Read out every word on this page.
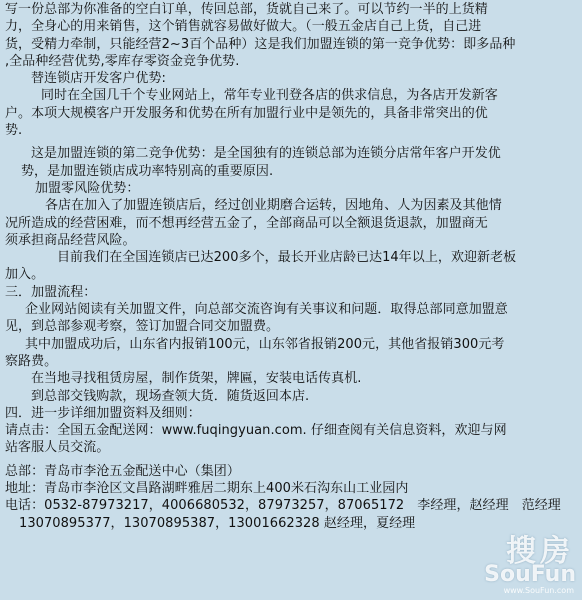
写一份总部为你准备的空白订单，传回总部，货就自己来了。可以节约一半的上货精
力，全身心的用来销售，这个销售就容易做好做大。（一般五金店自己上货，自己进
货，受精力牵制，只能经营2~3百个品种）这是我们加盟连锁的第一竞争优势：即多品种
,全品种经营优势,零库存零资金竞争优势.
替连锁店开发客户优势:
同时在全国几千个专业网站上，常年专业刊登各店的供求信息，为各店开发新客
户。本项大规模客户开发服务和优势在所有加盟行业中是领先的，具备非常突出的优
势.
这是加盟连锁的第二竞争优势：是全国独有的连锁总部为连锁分店常年客户开发优
势，是加盟连锁店成功率特别高的重要原因.
加盟零风险优势：
各店在加入了加盟连锁店后，经过创业期磨合运转，因地角、人为因素及其他情
况所造成的经营困难，而不想再经营五金了，全部商品可以全额退货退款，加盟商无
须承担商品经营风险。
目前我们在全国连锁店已达200多个，最长开业店龄已达14年以上，欢迎新老板
加入。
三．加盟流程：
企业网站阅读有关加盟文件，向总部交流咨询有关事议和问题．取得总部同意加盟意
见，到总部参观考察，签订加盟合同交加盟费。
其中加盟成功后，山东省内报销100元，山东邻省报销200元，其他省报销300元考
察路费。
在当地寻找租赁房屋，制作货架，牌匾，安装电话传真机.
到总部交钱购款，现场查领大货．随货返回本店.
四．进一步详细加盟资料及细则：
请点击：全国五金配送网：www.fuqingyuan.com. 仔细查阅有关信息资料，欢迎与网
站客服人员交流。
总部：青岛市李沧五金配送中心（集团）
地址：青岛市李沧区文昌路湖畔雅居二期东上400米石沟东山工业园内
电话：0532-87973217，4006680532，87973257，87065172　李经理，赵经理　范经理
13070895377，13070895387，13001662328 赵经理，夏经理
搜房
SouFun
www.SouFun.com
